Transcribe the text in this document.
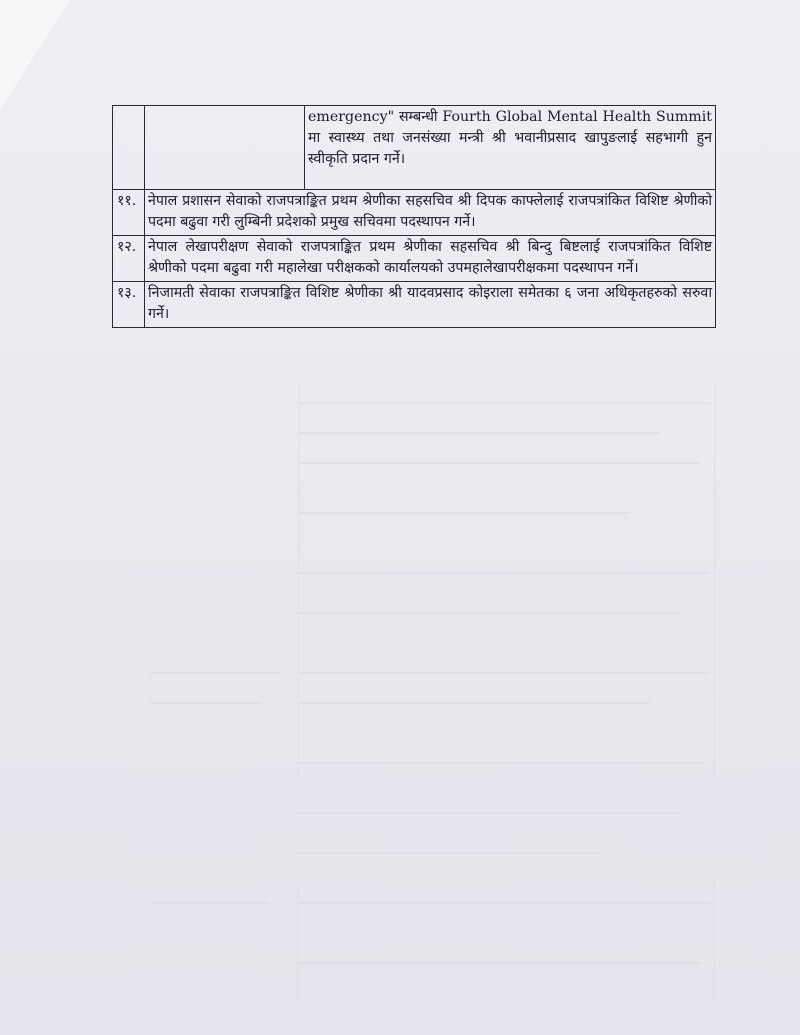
		emergency" सम्बन्धी Fourth Global Mental Health Summit मा स्वास्थ्य तथा जनसंख्या मन्त्री श्री भवानीप्रसाद खापुङलाई सहभागी हुन स्वीकृति प्रदान गर्ने।
११.	नेपाल प्रशासन सेवाको राजपत्राङ्कित प्रथम श्रेणीका सहसचिव श्री दिपक काफ्लेलाई राजपत्रांकित विशिष्ट श्रेणीको पदमा बढुवा गरी लुम्बिनी प्रदेशको प्रमुख सचिवमा पदस्थापन गर्ने।	
१२.	नेपाल लेखापरीक्षण सेवाको राजपत्राङ्कित प्रथम श्रेणीका सहसचिव श्री बिन्दु बिष्टलाई राजपत्रांकित विशिष्ट श्रेणीको पदमा बढुवा गरी महालेखा परीक्षकको कार्यालयको उपमहालेखापरीक्षकमा पदस्थापन गर्ने।	
१३.	निजामती सेवाका राजपत्राङ्कित विशिष्ट श्रेणीका श्री यादवप्रसाद कोइराला समेतका ६ जना अधिकृतहरुको सरुवा गर्ने।	
